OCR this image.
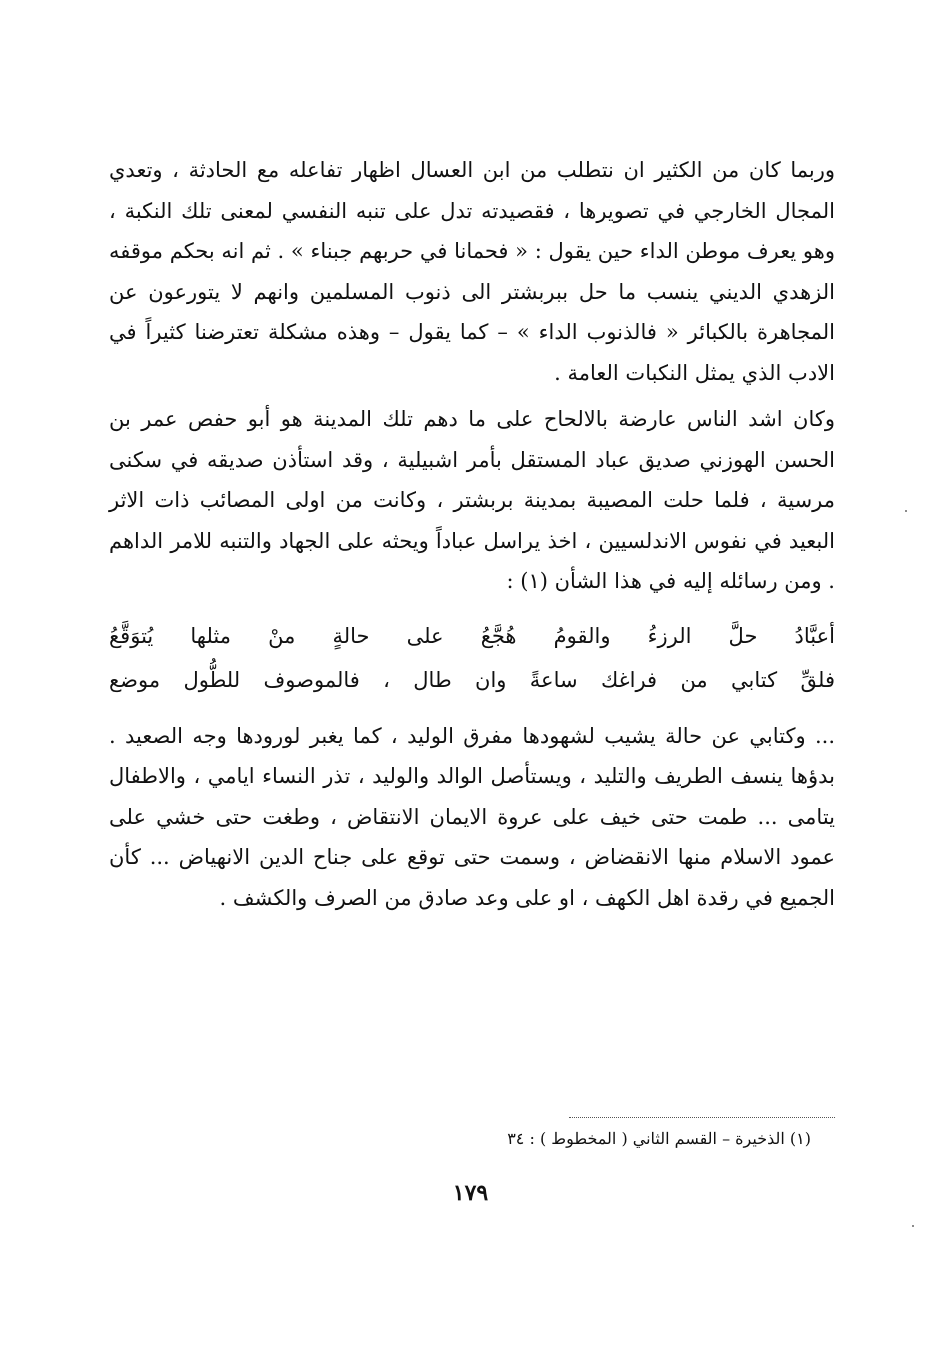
وربما كان من الكثير ان نتطلب من ابن العسال اظهار تفاعله مع الحادثة ، وتعدي المجال الخارجي في تصويرها ، فقصيدته تدل على تنبه النفسي لمعنى تلك النكبة ، وهو يعرف موطن الداء حين يقول : « فحمانا في حربهم جبناء » . ثم انه بحكم موقفه الزهدي الديني ينسب ما حل ببربشتر الى ذنوب المسلمين وانهم لا يتورعون عن المجاهرة بالكبائر « فالذنوب الداء » – كما يقول – وهذه مشكلة تعترضنا كثيراً في الادب الذي يمثل النكبات العامة .

وكان اشد الناس عارضة بالالحاح على ما دهم تلك المدينة هو أبو حفص عمر بن الحسن الهوزني صديق عباد المستقل بأمر اشبيلية ، وقد استأذن صديقه في سكنى مرسية ، فلما حلت المصيبة بمدينة بربشتر ، وكانت من اولى المصائب ذات الاثر البعيد في نفوس الاندلسيين ، اخذ يراسل عباداً ويحثه على الجهاد والتنبه للامر الداهم . ومن رسائله إليه في هذا الشأن (١) :

أعبَّادُ حلَّ الرزءُ والقومُ هُجَّعُ على حالةٍ منْ مثلها يُتوَقَّعُ
فلقِّ كتابي من فراغك ساعةً وان طال ، فالموصوف للطُّول موضع

... وكتابي عن حالة يشيب لشهودها مفرق الوليد ، كما يغبر لورودها وجه الصعيد . بدؤها ينسف الطريف والتليد ، ويستأصل الوالد والوليد ، تذر النساء ايامي ، والاطفال يتامى ... طمت حتى خيف على عروة الايمان الانتقاض ، وطغت حتى خشي على عمود الاسلام منها الانقضاض ، وسمت حتى توقع على جناح الدين الانهياض ... كأن الجميع في رقدة اهل الكهف ، او على وعد صادق من الصرف والكشف .

(١) الذخيرة – القسم الثاني ( المخطوط ) : ٣٤
١٧٩
